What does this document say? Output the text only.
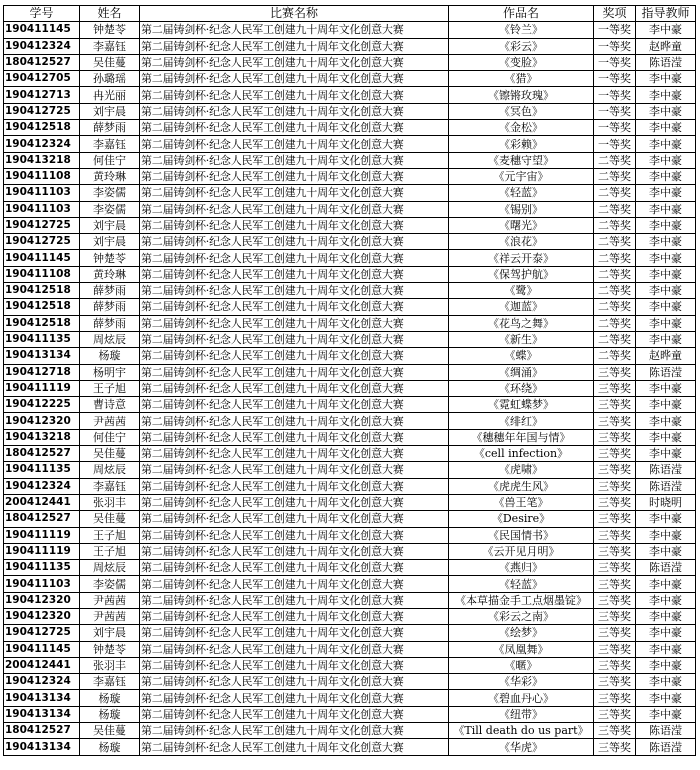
学号	姓名	比赛名称	作品名	奖项	指导教师
190411145	钟楚苓	第二届铸剑杯·纪念人民军工创建九十周年文化创意大赛	《铃兰》	一等奖	李中豪
190412324	李嘉钰	第二届铸剑杯·纪念人民军工创建九十周年文化创意大赛	《彩云》	一等奖	赵晔童
180412527	吴佳蔓	第二届铸剑杯·纪念人民军工创建九十周年文化创意大赛	《变脸》	一等奖	陈语滢
190412705	孙璐瑶	第二届铸剑杯·纪念人民军工创建九十周年文化创意大赛	《猎》	一等奖	李中豪
190412713	冉光丽	第二届铸剑杯·纪念人民军工创建九十周年文化创意大赛	《镲锵玫瑰》	一等奖	李中豪
190412725	刘宇晨	第二届铸剑杯·纪念人民军工创建九十周年文化创意大赛	《冥色》	一等奖	李中豪
190412518	薛梦雨	第二届铸剑杯·纪念人民军工创建九十周年文化创意大赛	《金松》	一等奖	李中豪
190412324	李嘉钰	第二届铸剑杯·纪念人民军工创建九十周年文化创意大赛	《彩赖》	一等奖	李中豪
190413218	何佳宁	第二届铸剑杯·纪念人民军工创建九十周年文化创意大赛	《麦穗守望》	二等奖	李中豪
190411108	黄玲琳	第二届铸剑杯·纪念人民军工创建九十周年文化创意大赛	《元宇宙》	二等奖	李中豪
190411103	李姿儒	第二届铸剑杯·纪念人民军工创建九十周年文化创意大赛	《轻蓝》	二等奖	李中豪
190411103	李姿儒	第二届铸剑杯·纪念人民军工创建九十周年文化创意大赛	《锡别》	二等奖	李中豪
190412725	刘宇晨	第二届铸剑杯·纪念人民军工创建九十周年文化创意大赛	《曙光》	二等奖	李中豪
190412725	刘宇晨	第二届铸剑杯·纪念人民军工创建九十周年文化创意大赛	《浪花》	二等奖	李中豪
190411145	钟楚苓	第二届铸剑杯·纪念人民军工创建九十周年文化创意大赛	《祥云开泰》	二等奖	李中豪
190411108	黄玲琳	第二届铸剑杯·纪念人民军工创建九十周年文化创意大赛	《保驾护航》	二等奖	李中豪
190412518	薛梦雨	第二届铸剑杯·纪念人民军工创建九十周年文化创意大赛	《鹭》	二等奖	李中豪
190412518	薛梦雨	第二届铸剑杯·纪念人民军工创建九十周年文化创意大赛	《迦蓝》	二等奖	李中豪
190412518	薛梦雨	第二届铸剑杯·纪念人民军工创建九十周年文化创意大赛	《花鸟之舞》	二等奖	李中豪
190411135	周炫辰	第二届铸剑杯·纪念人民军工创建九十周年文化创意大赛	《新生》	二等奖	李中豪
190413134	杨璇	第二届铸剑杯·纪念人民军工创建九十周年文化创意大赛	《蝶》	二等奖	赵晔童
190412718	杨明宇	第二届铸剑杯·纪念人民军工创建九十周年文化创意大赛	《绸涌》	三等奖	陈语滢
190411119	王子旭	第二届铸剑杯·纪念人民军工创建九十周年文化创意大赛	《环绕》	三等奖	李中豪
190412225	曹诗意	第二届铸剑杯·纪念人民军工创建九十周年文化创意大赛	《霓虹蝶梦》	三等奖	李中豪
190412320	尹茜茜	第二届铸剑杯·纪念人民军工创建九十周年文化创意大赛	《绯红》	三等奖	李中豪
190413218	何佳宁	第二届铸剑杯·纪念人民军工创建九十周年文化创意大赛	《穗穗年年国与情》	三等奖	李中豪
180412527	吴佳蔓	第二届铸剑杯·纪念人民军工创建九十周年文化创意大赛	《cell infection》	三等奖	李中豪
190411135	周炫辰	第二届铸剑杯·纪念人民军工创建九十周年文化创意大赛	《虎啸》	三等奖	陈语滢
190412324	李嘉钰	第二届铸剑杯·纪念人民军工创建九十周年文化创意大赛	《虎虎生风》	三等奖	陈语滢
200412441	张羽丰	第二届铸剑杯·纪念人民军工创建九十周年文化创意大赛	《兽王笔》	三等奖	时晓明
180412527	吴佳蔓	第二届铸剑杯·纪念人民军工创建九十周年文化创意大赛	《Desire》	三等奖	李中豪
190411119	王子旭	第二届铸剑杯·纪念人民军工创建九十周年文化创意大赛	《民国情书》	三等奖	李中豪
190411119	王子旭	第二届铸剑杯·纪念人民军工创建九十周年文化创意大赛	《云开见月明》	三等奖	李中豪
190411135	周炫辰	第二届铸剑杯·纪念人民军工创建九十周年文化创意大赛	《燕归》	三等奖	陈语滢
190411103	李姿儒	第二届铸剑杯·纪念人民军工创建九十周年文化创意大赛	《轻蓝》	三等奖	李中豪
190412320	尹茜茜	第二届铸剑杯·纪念人民军工创建九十周年文化创意大赛	《本草描金手工点烟墨锭》	三等奖	李中豪
190412320	尹茜茜	第二届铸剑杯·纪念人民军工创建九十周年文化创意大赛	《彩云之南》	三等奖	李中豪
190412725	刘宇晨	第二届铸剑杯·纪念人民军工创建九十周年文化创意大赛	《绘梦》	三等奖	李中豪
190411145	钟楚苓	第二届铸剑杯·纪念人民军工创建九十周年文化创意大赛	《凤凰舞》	三等奖	李中豪
200412441	张羽丰	第二届铸剑杯·纪念人民军工创建九十周年文化创意大赛	《暱》	三等奖	李中豪
190412324	李嘉钰	第二届铸剑杯·纪念人民军工创建九十周年文化创意大赛	《华彩》	三等奖	李中豪
190413134	杨璇	第二届铸剑杯·纪念人民军工创建九十周年文化创意大赛	《碧血丹心》	三等奖	李中豪
190413134	杨璇	第二届铸剑杯·纪念人民军工创建九十周年文化创意大赛	《纽带》	三等奖	李中豪
180412527	吴佳蔓	第二届铸剑杯·纪念人民军工创建九十周年文化创意大赛	《Till death do us part》	三等奖	陈语滢
190413134	杨璇	第二届铸剑杯·纪念人民军工创建九十周年文化创意大赛	《华虎》	三等奖	陈语滢
